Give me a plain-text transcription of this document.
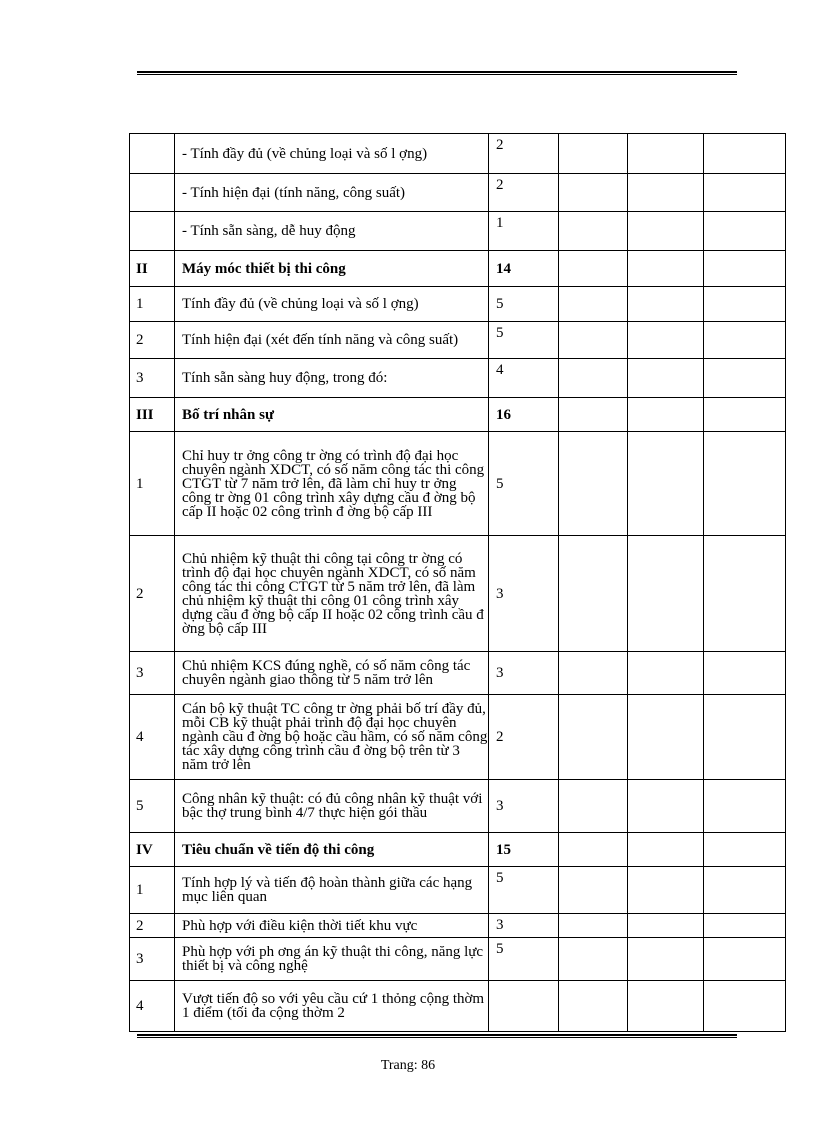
	- Tính đầy đủ (về chủng loại và số l ợng)	2			
	- Tính hiện đại (tính năng, công suất)	2			
	- Tính sẵn sàng, dễ huy động	1			
II	Máy móc thiết bị thi công	14			
1	Tính đầy đủ (về chủng loại và số l ợng)	5			
2	Tính hiện đại (xét đến tính năng và công suất)	5			
3	Tính sẵn sàng huy động, trong đó:	4			
III	Bố trí nhân sự	16			
1	Chỉ huy tr ởng công tr ờng có trình độ đại học chuyên ngành XDCT, có số năm công tác thi công CTGT từ 7 năm trở lên, đã làm chỉ huy tr ởng công tr ờng 01 công trình xây dựng cầu đ ờng bộ cấp II hoặc 02 công trình đ ờng bộ cấp III	5			
2	Chủ nhiệm kỹ thuật thi công tại công tr ờng có trình độ đại học chuyên ngành XDCT, có số năm công tác thi công CTGT từ 5 năm trở lên, đã làm chủ nhiệm kỹ thuật thi công 01 công trình xây dựng cầu đ ờng bộ cấp II hoặc 02 công trình cầu đ ờng bộ cấp III	3			
3	Chủ nhiệm KCS đúng nghề, có số năm công tác chuyên ngành giao thông từ 5 năm trở lên	3			
4	Cán bộ kỹ thuật TC công tr ờng phải bố trí đầy đủ, mỗi CB kỹ thuật phải trình độ đại học chuyên ngành cầu đ ờng bộ hoặc cầu hầm, có số năm công tác xây dựng công trình cầu đ ờng bộ trên từ 3 năm trở lên	2			
5	Công nhân kỹ thuật: có đủ công nhân kỹ thuật với bậc thợ trung bình 4/7 thực hiện gói thầu	3			
IV	Tiêu chuẩn về tiến độ thi công	15			
1	Tính hợp lý và tiến độ hoàn thành giữa các hạng mục liên quan	5			
2	Phù hợp với điều kiện thời tiết khu vực	3			
3	Phù hợp với ph ơng án kỹ thuật thi công, năng lực thiết bị và công nghệ	5			
4	Vượt tiến độ so với yêu cầu cứ 1 thỏng cộng thờm 1 điểm (tối đa cộng thờm 2				
Trang: 86
